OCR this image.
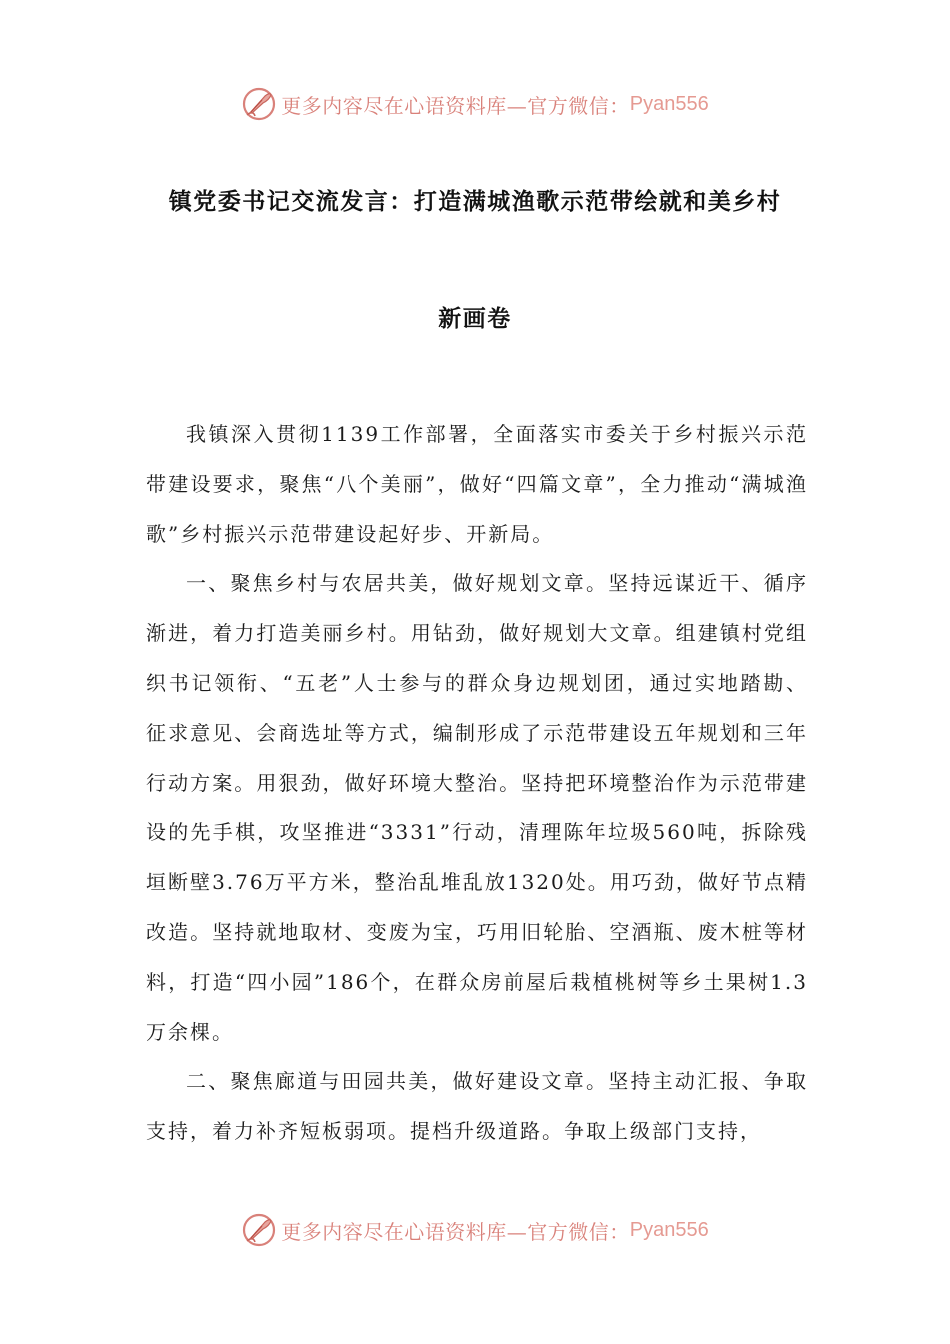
更多内容尽在心语资料库—官方微信： Pyan556
镇党委书记交流发言：打造满城渔歌示范带绘就和美乡村
新画卷

我镇深入贯彻1139工作部署，全面落实市委关于乡村振兴示范带建设要求，聚焦“八个美丽”，做好“四篇文章”，全力推动“满城渔歌”乡村振兴示范带建设起好步、开新局。

一、聚焦乡村与农居共美，做好规划文章。坚持远谋近干、循序渐进，着力打造美丽乡村。用钻劲，做好规划大文章。组建镇村党组织书记领衔、“五老”人士参与的群众身边规划团，通过实地踏勘、征求意见、会商选址等方式，编制形成了示范带建设五年规划和三年行动方案。用狠劲，做好环境大整治。坚持把环境整治作为示范带建设的先手棋，攻坚推进“3331”行动，清理陈年垃圾560吨，拆除残垣断壁3.76万平方米，整治乱堆乱放1320处。用巧劲，做好节点精改造。坚持就地取材、变废为宝，巧用旧轮胎、空酒瓶、废木桩等材料，打造“四小园”186个，在群众房前屋后栽植桃树等乡土果树1.3万余棵。

二、聚焦廊道与田园共美，做好建设文章。坚持主动汇报、争取支持，着力补齐短板弱项。提档升级道路。争取上级部门支持，

更多内容尽在心语资料库—官方微信： Pyan556
